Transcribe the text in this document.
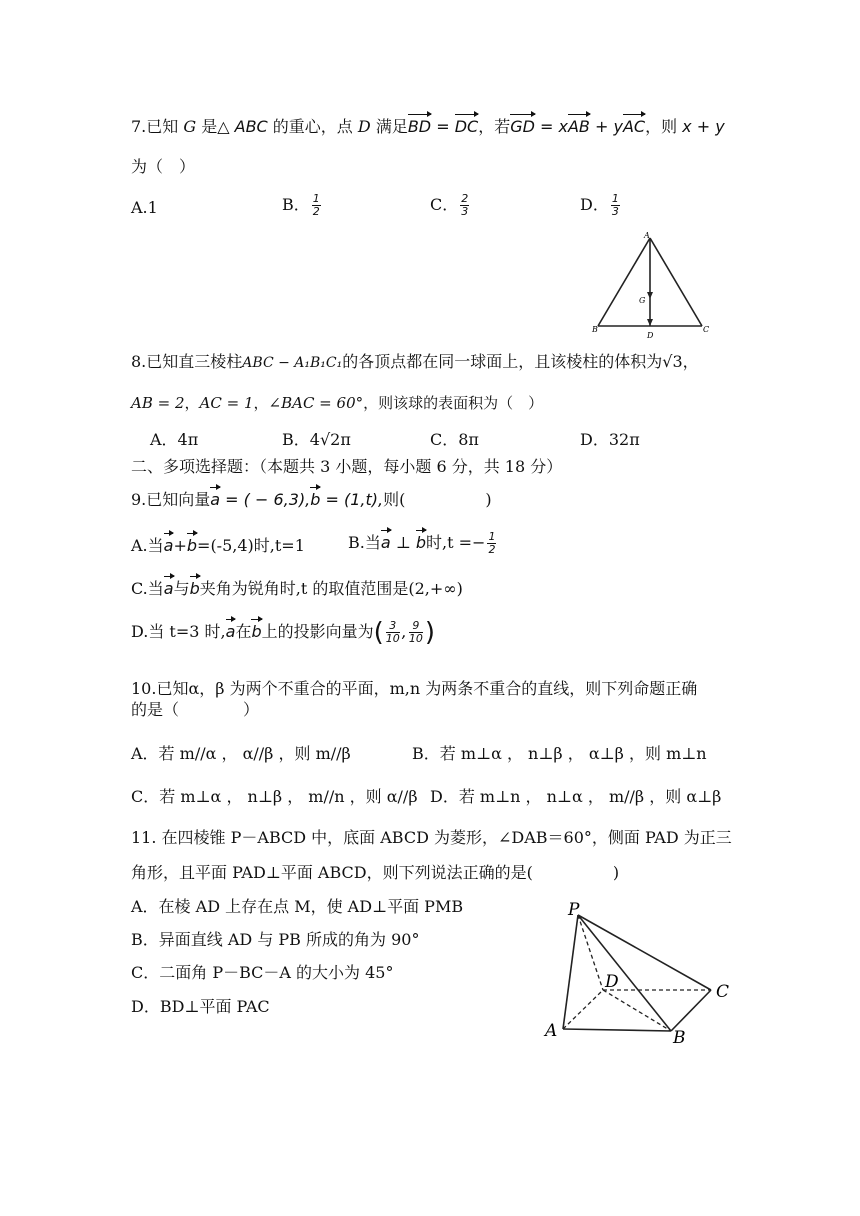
7.已知 G 是△ ABC 的重心，点 D 满足BD = DC，若GD = xAB + yAC，则 x + y
为（　）
A.1	B． $\frac{1}{2}$	C． $\frac{2}{3}$	D． $\frac{1}{3}$
A
G
B
D
C
8.已知直三棱柱ABC − A₁B₁C₁的各顶点都在同一球面上，且该棱柱的体积为√3，
AB = 2，AC = 1，∠BAC = 60°，则该球的表面积为（　）
A．4π	B．4√2π	C．8π	D．32π
二、多项选择题：（本题共 3 小题，每小题 6 分，共 18 分）
9.已知向量a = ( − 6,3),b = (1,t),则(　　　　　)
A.当a+b=(-5,4)时,t=1	B.当a ⊥ b时$,t =- \frac{1}{2}$
C.当a与b夹角为锐角时,t 的取值范围是(2,+∞)
D.当 t=3 时,a在b上的投影向量为( $\frac{3}{10}$ , $\frac{9}{10}$ )
10.已知α，β 为两个不重合的平面，m,n 为两条不重合的直线，则下列命题正确
的是（　　　　）
A．若 m//α ， α//β ，则 m//β	B．若 m⊥α ， n⊥β ， α⊥β ，则 m⊥n
C．若 m⊥α ， n⊥β ， m//n ，则 α//β D．若 m⊥n ， n⊥α ， m//β ，则 α⊥β
11. 在四棱锥 P－ABCD 中，底面 ABCD 为菱形，∠DAB＝60°，侧面 PAD 为正三
角形，且平面 PAD⊥平面 ABCD，则下列说法正确的是(　　　　　)
A．在棱 AD 上存在点 M，使 AD⊥平面 PMB
B．异面直线 AD 与 PB 所成的角为 90°
C．二面角 P－BC－A 的大小为 45°
D．BD⊥平面 PAC
P
D	C
A	B
